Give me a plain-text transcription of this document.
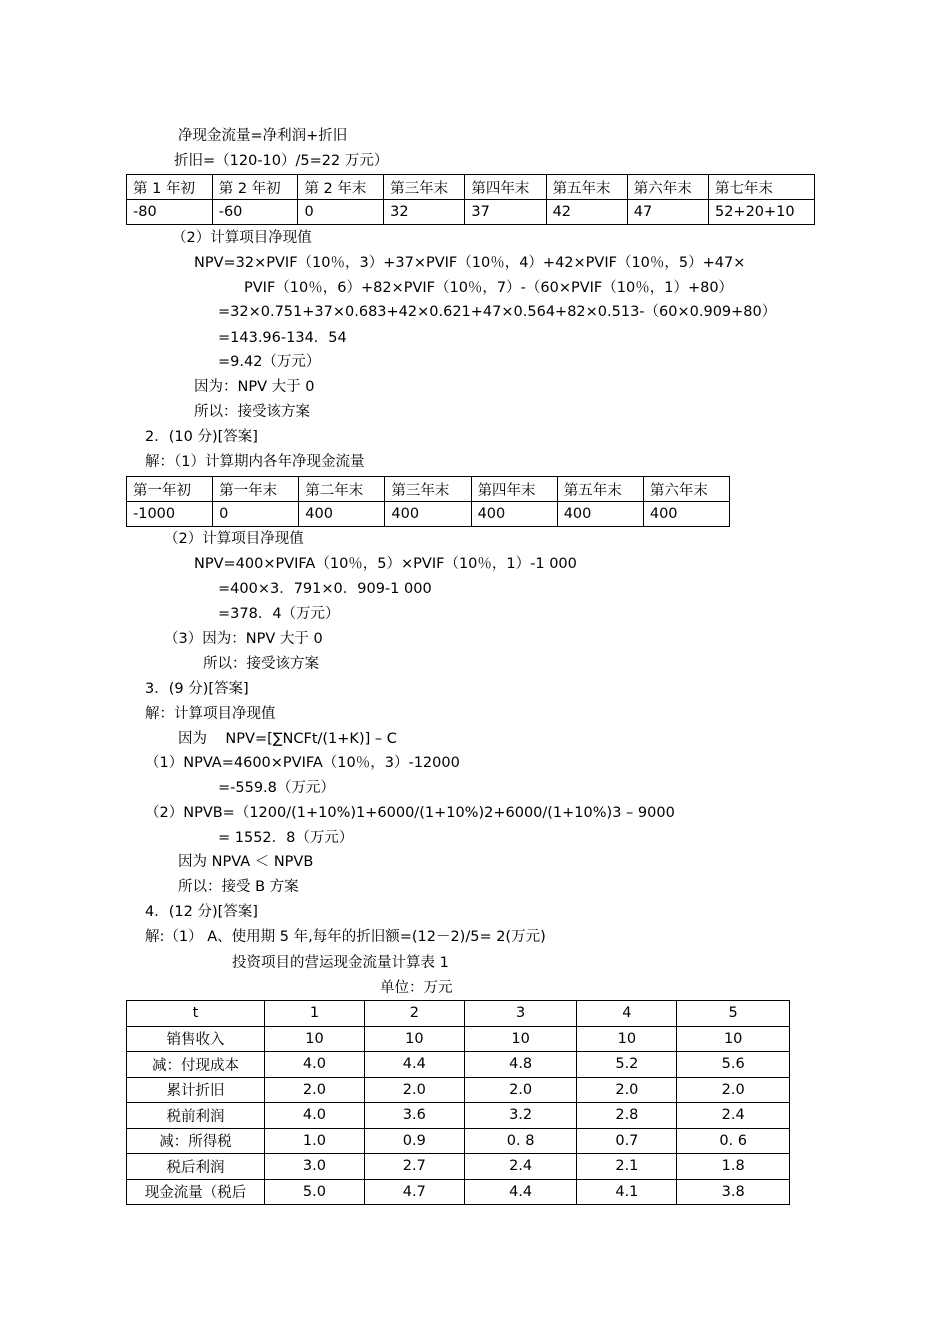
净现金流量=净利润+折旧
折旧=（120-10）/5=22 万元）
第 1 年初	第 2 年初	第 2 年末	第三年末	第四年末	第五年末	第六年末	第七年末
-80	-60	0	32	37	42	47	52+20+10
（2）计算项目净现值
NPV=32×PVIF（10％，3）+37×PVIF（10％，4）+42×PVIF（10％，5）+47×
PVIF（10％，6）+82×PVIF（10％，7）-（60×PVIF（10％，1）+80）
=32×0.751+37×0.683+42×0.621+47×0.564+82×0.513-（60×0.909+80）
=143.96-134．54
=9.42（万元）
因为：NPV 大于 0
所以：接受该方案
2．(10 分)[答案]
解：（1）计算期内各年净现金流量
第一年初	第一年末	第二年末	第三年末	第四年末	第五年末	第六年末
-1000	0	400	400	400	400	400
（2）计算项目净现值
NPV=400×PVIFA（10％，5）×PVIF（10％，1）-1 000
=400×3．791×0．909-1 000
=378．4（万元）
（3）因为：NPV 大于 0
所以：接受该方案
3．(9 分)[答案]
解：计算项目净现值
因为    NPV=[∑NCFt/(1+K)] – C
（1）NPVA=4600×PVIFA（10％，3）-12000
=-559.8（万元）
（2）NPVB=（1200/(1+10%)1+6000/(1+10%)2+6000/(1+10%)3 – 9000
= 1552．8（万元）
因为 NPVA ＜ NPVB
所以：接受 B 方案
4．(12 分)[答案]
解:（1） A、使用期 5 年,每年的折旧额=(12－2)/5= 2(万元)
投资项目的营运现金流量计算表 1
单位：万元
t	1	2	3	4	5
销售收入	10	10	10	10	10
减：付现成本	4.0	4.4	4.8	5.2	5.6
累计折旧	2.0	2.0	2.0	2.0	2.0
税前利润	4.0	3.6	3.2	2.8	2.4
减：所得税	1.0	0.9	0. 8	0.7	0. 6
税后利润	3.0	2.7	2.4	2.1	1.8
现金流量（税后	5.0	4.7	4.4	4.1	3.8
